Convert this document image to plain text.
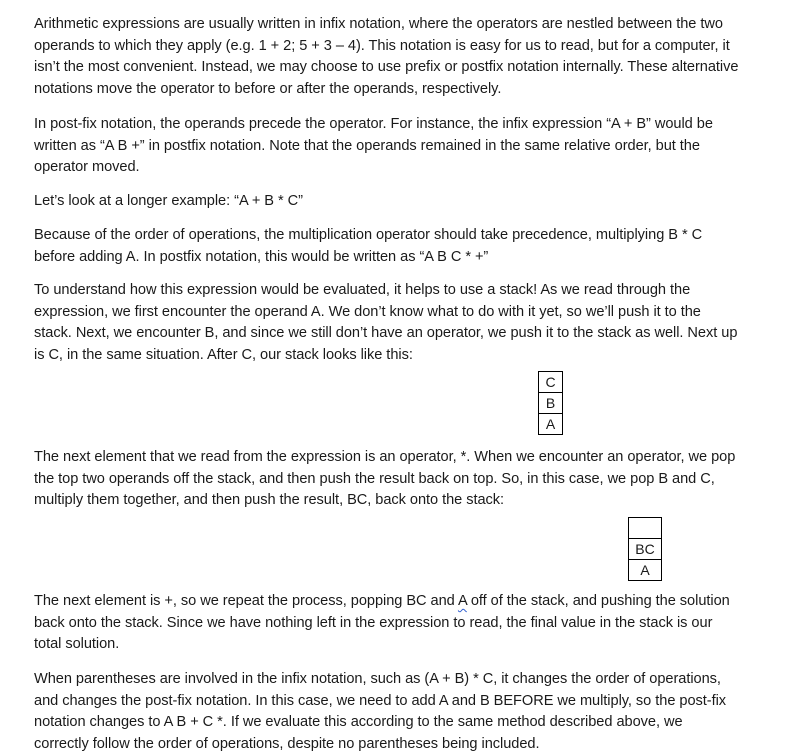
Arithmetic expressions are usually written in infix notation, where the operators are nestled between the two operands to which they apply (e.g. 1 + 2; 5 + 3 – 4). This notation is easy for us to read, but for a computer, it isn’t the most convenient. Instead, we may choose to use prefix or postfix notation internally. These alternative notations move the operator to before or after the operands, respectively.

In post-fix notation, the operands precede the operator. For instance, the infix expression “A + B” would be written as “A B +” in postfix notation. Note that the operands remained in the same relative order, but the operator moved.

Let’s look at a longer example: “A + B * C”

Because of the order of operations, the multiplication operator should take precedence, multiplying B * C before adding A. In postfix notation, this would be written as “A B C * +”

To understand how this expression would be evaluated, it helps to use a stack! As we read through the expression, we first encounter the operand A. We don’t know what to do with it yet, so we’ll push it to the stack. Next, we encounter B, and since we still don’t have an operator, we push it to the stack as well. Next up is C, in the same situation. After C, our stack looks like this:

C
B
A

The next element that we read from the expression is an operator, *. When we encounter an operator, we pop the top two operands off the stack, and then push the result back on top. So, in this case, we pop B and C, multiply them together, and then push the result, BC, back onto the stack:

BC
A

The next element is +, so we repeat the process, popping BC and A off of the stack, and pushing the solution back onto the stack. Since we have nothing left in the expression to read, the final value in the stack is our total solution.

When parentheses are involved in the infix notation, such as (A + B) * C, it changes the order of operations, and changes the post-fix notation. In this case, we need to add A and B BEFORE we multiply, so the post-fix notation changes to A B + C *. If we evaluate this according to the same method described above, we correctly follow the order of operations, despite no parentheses being included.
